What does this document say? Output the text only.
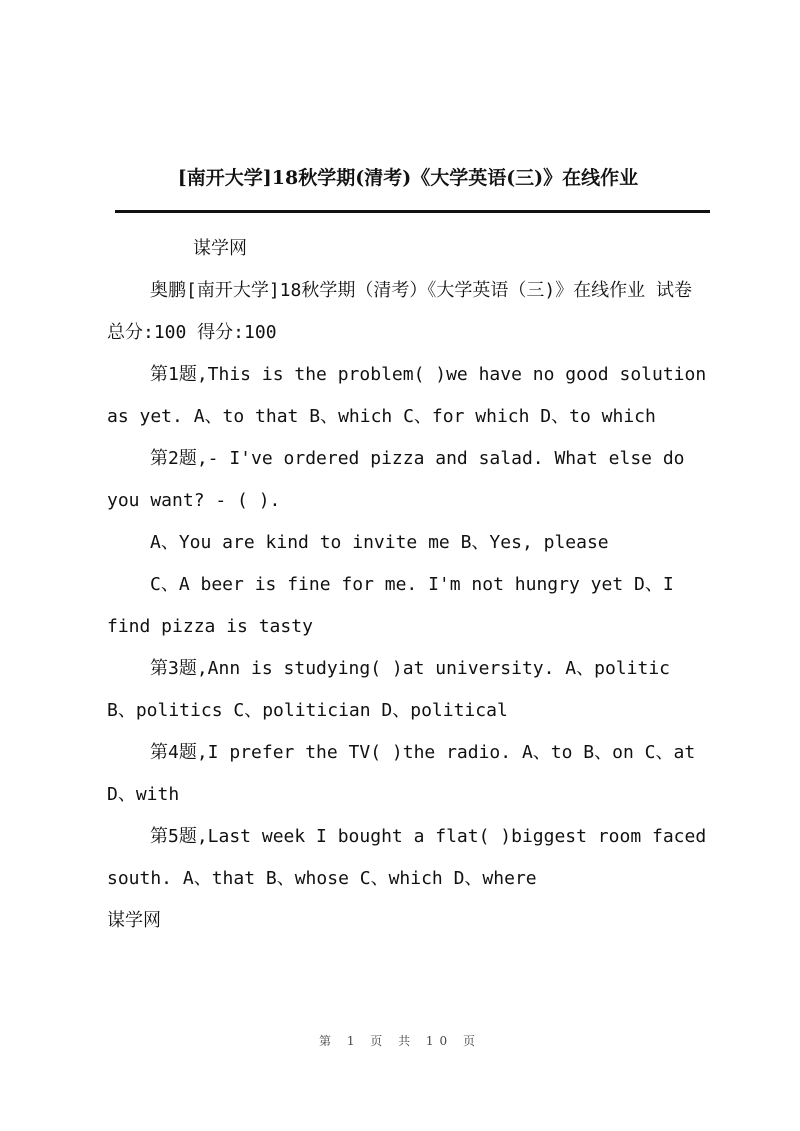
[南开大学]18秋学期(清考)《大学英语(三)》在线作业

谋学网

奥鹏[南开大学]18秋学期（清考）《大学英语（三)》在线作业 试卷总分:100 得分:100

第1题,This is the problem( )we have no good solution as yet. A、to that B、which C、for which D、to which

第2题,- I've ordered pizza and salad. What else do you want? - ( ).

A、You are kind to invite me B、Yes, please

C、A beer is fine for me. I'm not hungry yet D、I find pizza is tasty

第3题,Ann is studying( )at university. A、politic B、politics C、politician D、political

第4题,I prefer the TV( )the radio. A、to B、on C、at D、with

第5题,Last week I bought a flat( )biggest room faced south. A、that B、whose C、which D、where

谋学网

第 1 页 共 10 页
